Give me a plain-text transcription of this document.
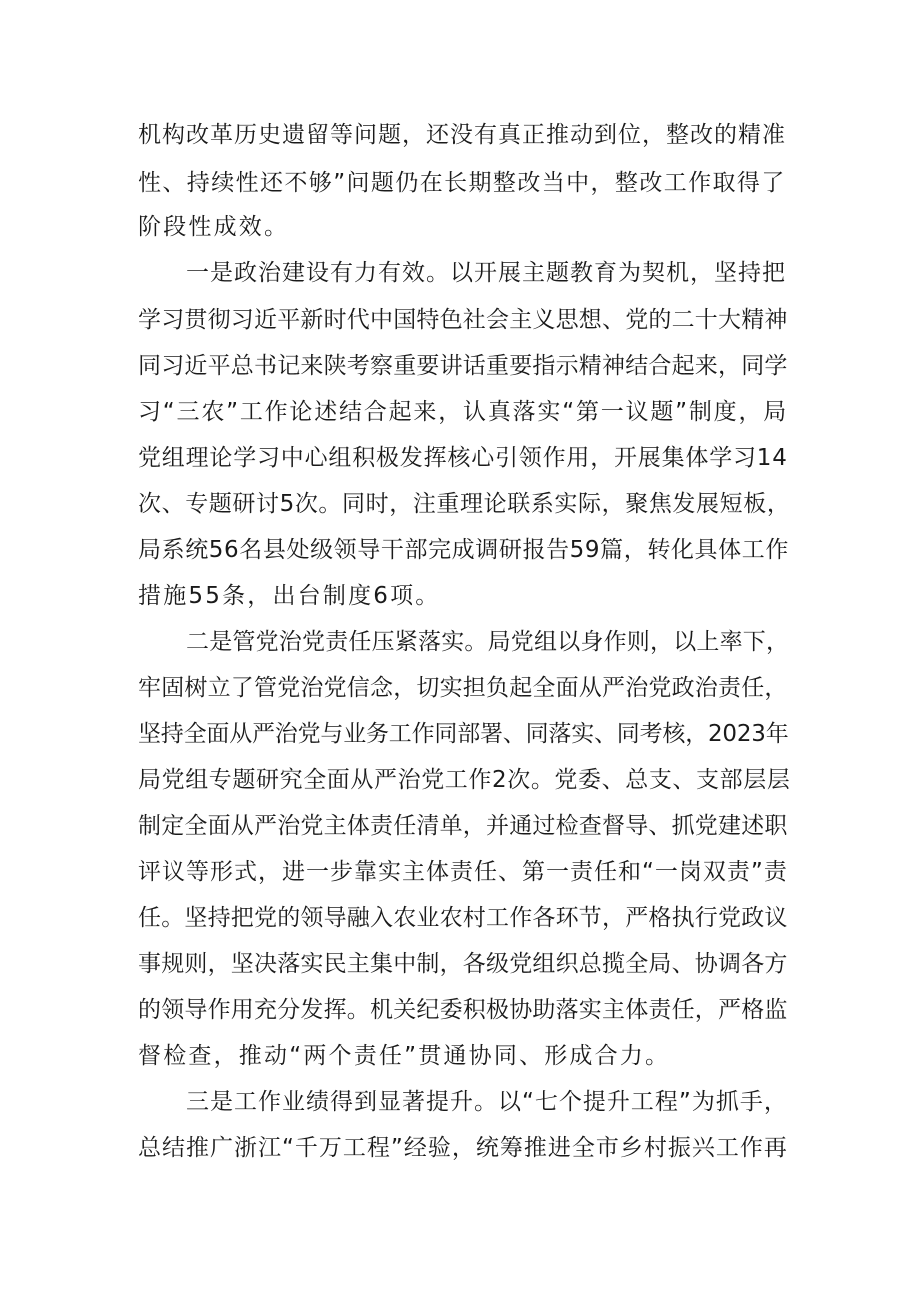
机构改革历史遗留等问题，还没有真正推动到位，整改的精准

性、持续性还不够”问题仍在长期整改当中，整改工作取得了

阶段性成效。

一是政治建设有力有效。以开展主题教育为契机，坚持把

学习贯彻习近平新时代中国特色社会主义思想、党的二十大精神

同习近平总书记来陕考察重要讲话重要指示精神结合起来，同学

习“三农”工作论述结合起来，认真落实“第一议题”制度，局

党组理论学习中心组积极发挥核心引领作用，开展集体学习14

次、专题研讨5次。同时，注重理论联系实际，聚焦发展短板，

局系统56名县处级领导干部完成调研报告59篇，转化具体工作

措施55条，出台制度6项。

二是管党治党责任压紧落实。局党组以身作则，以上率下，

牢固树立了管党治党信念，切实担负起全面从严治党政治责任，

坚持全面从严治党与业务工作同部署、同落实、同考核，2023年

局党组专题研究全面从严治党工作2次。党委、总支、支部层层

制定全面从严治党主体责任清单，并通过检查督导、抓党建述职

评议等形式，进一步靠实主体责任、第一责任和“一岗双责”责

任。坚持把党的领导融入农业农村工作各环节，严格执行党政议

事规则，坚决落实民主集中制，各级党组织总揽全局、协调各方

的领导作用充分发挥。机关纪委积极协助落实主体责任，严格监

督检查，推动“两个责任”贯通协同、形成合力。

三是工作业绩得到显著提升。以“七个提升工程”为抓手，

总结推广浙江“千万工程”经验，统筹推进全市乡村振兴工作再
